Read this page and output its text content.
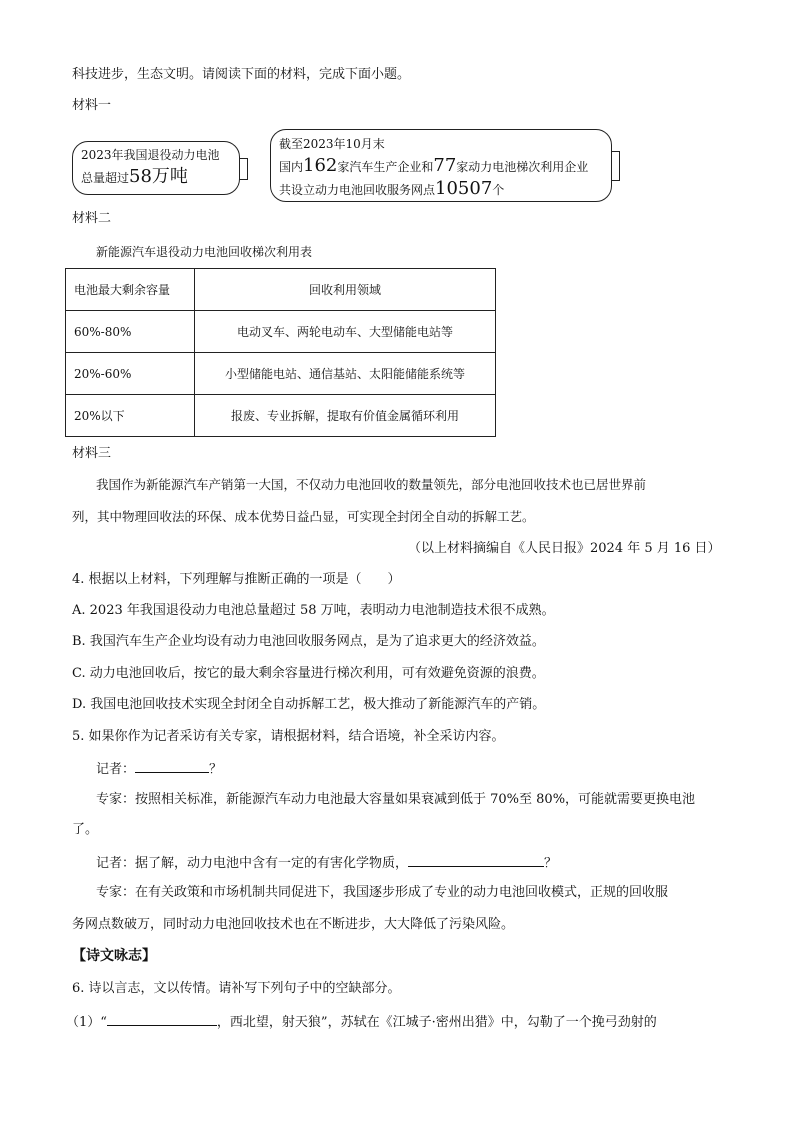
科技进步，生态文明。请阅读下面的材料，完成下面小题。
材料一
2023年我国退役动力电池
总量超过58万吨
截至2023年10月末
国内162家汽车生产企业和77家动力电池梯次利用企业
共设立动力电池回收服务网点10507个
材料二
新能源汽车退役动力电池回收梯次利用表
电池最大剩余容量	回收利用领域
60%-80%	电动叉车、两轮电动车、大型储能电站等
20%-60%	小型储能电站、通信基站、太阳能储能系统等
20%以下	报废、专业拆解，提取有价值金属循环利用
材料三
我国作为新能源汽车产销第一大国，不仅动力电池回收的数量领先，部分电池回收技术也已居世界前
列，其中物理回收法的环保、成本优势日益凸显，可实现全封闭全自动的拆解工艺。
（以上材料摘编自《人民日报》2024 年 5 月 16 日）
4. 根据以上材料，下列理解与推断正确的一项是（　　）
A. 2023 年我国退役动力电池总量超过 58 万吨，表明动力电池制造技术很不成熟。
B. 我国汽车生产企业均设有动力电池回收服务网点，是为了追求更大的经济效益。
C. 动力电池回收后，按它的最大剩余容量进行梯次利用，可有效避免资源的浪费。
D. 我国电池回收技术实现全封闭全自动拆解工艺，极大推动了新能源汽车的产销。
5. 如果你作为记者采访有关专家，请根据材料，结合语境，补全采访内容。
记者：	？
专家：按照相关标准，新能源汽车动力电池最大容量如果衰减到低于 70%至 80%，可能就需要更换电池
了。
记者：据了解，动力电池中含有一定的有害化学物质，	？
专家：在有关政策和市场机制共同促进下，我国逐步形成了专业的动力电池回收模式，正规的回收服
务网点数破万，同时动力电池回收技术也在不断进步，大大降低了污染风险。
【诗文咏志】
6. 诗以言志，文以传情。请补写下列句子中的空缺部分。
（1）“	，西北望，射天狼”，苏轼在《江城子·密州出猎》中，勾勒了一个挽弓劲射的
